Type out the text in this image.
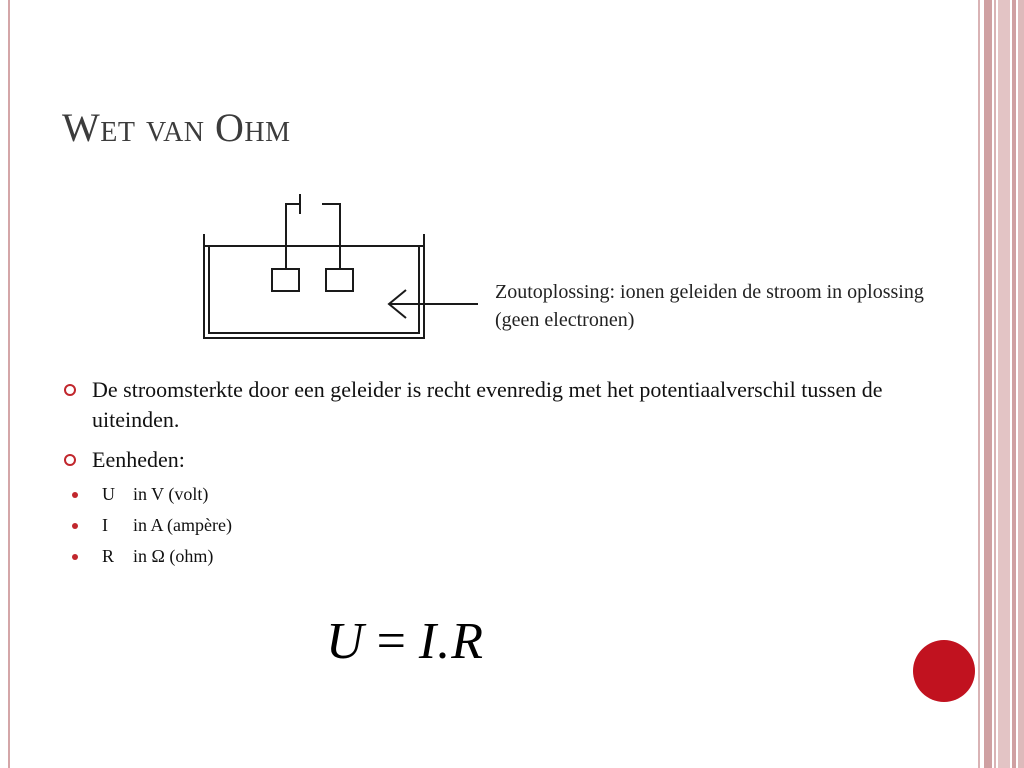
Wet van Ohm
Zoutoplossing: ionen geleiden de stroom in oplossing (geen electronen)
De stroomsterkte door een geleider is recht evenredig met het potentiaalverschil tussen de uiteinden.
Eenheden:
U in V (volt)
I in A (ampère)
R in Ω (ohm)
U = I.R
